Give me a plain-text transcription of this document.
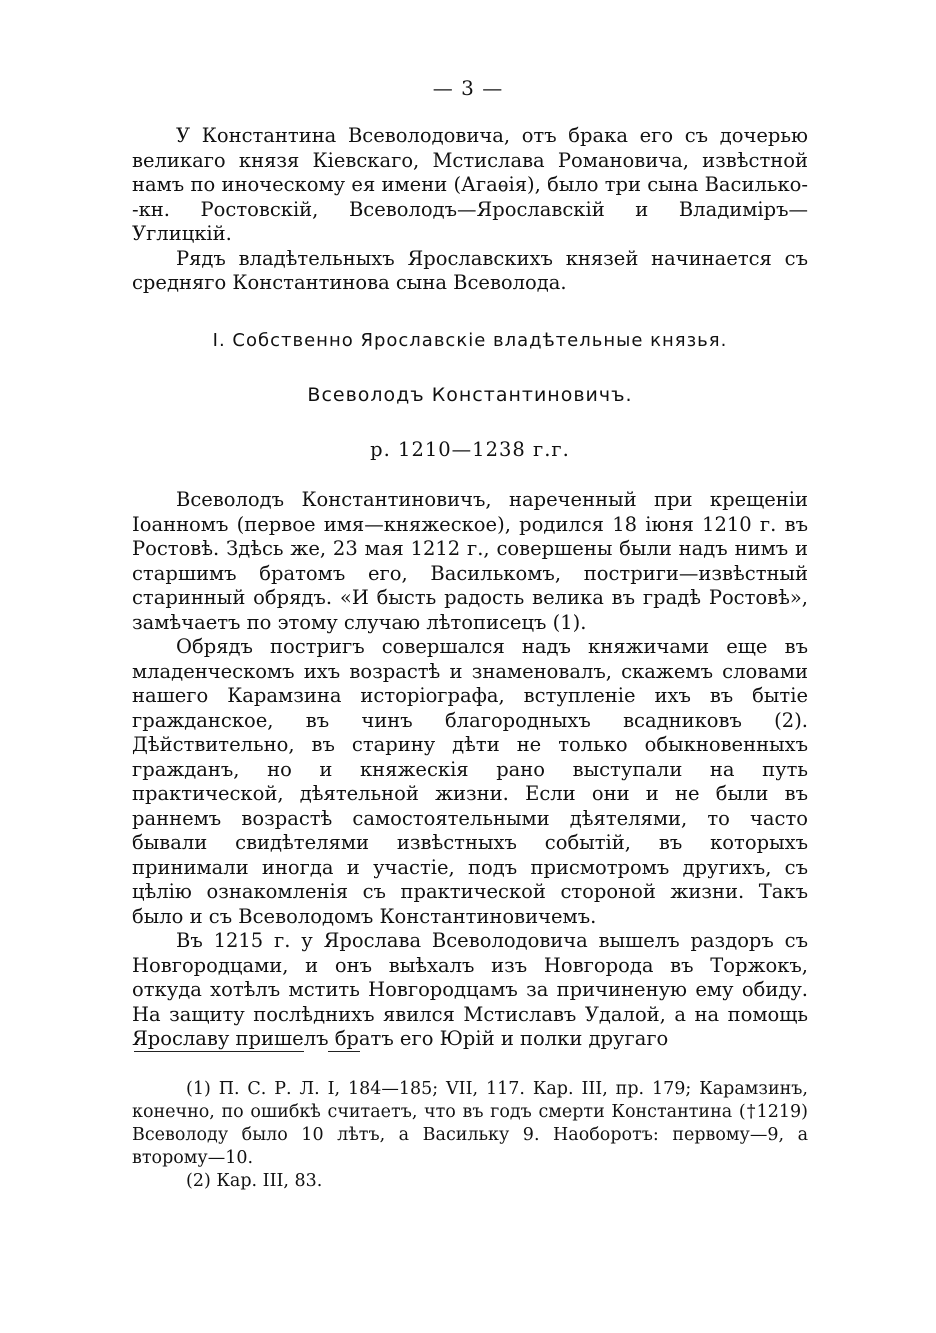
— 3 —

У Константина Всеволодовича, отъ брака его съ дочерью великаго князя Кіевскаго, Мстислава Романовича, извѣстной намъ по иноческому ея имени (Агаѳія), было три сына Василько--кн. Ростовскій, Всеволодъ—Ярославскій и Владиміръ—Углицкій.

Рядъ владѣтельныхъ Ярославскихъ князей начинается съ средняго Константинова сына Всеволода.

I. Собственно Ярославскіе владѣтельные князья.
Всеволодъ Константиновичъ.
р. 1210—1238 г.г.

Всеволодъ Константиновичъ, нареченный при крещеніи Іоанномъ (первое имя—княжеское), родился 18 іюня 1210 г. въ Ростовѣ. Здѣсь же, 23 мая 1212 г., совершены были надъ нимъ и старшимъ братомъ его, Василькомъ, постриги—извѣстный старинный обрядъ. «И бысть радость велика въ градѣ Ростовѣ», замѣчаетъ по этому случаю лѣтописецъ (1).

Обрядъ постригъ совершался надъ княжичами еще въ младенческомъ ихъ возрастѣ и знаменовалъ, скажемъ словами нашего Карамзина исторіографа, вступленіе ихъ въ бытіе гражданское, въ чинъ благородныхъ всадниковъ (2). Дѣйствительно, въ старину дѣти не только обыкновенныхъ гражданъ, но и княжескія рано выступали на путь практической, дѣятельной жизни. Если они и не были въ раннемъ возрастѣ самостоятельными дѣятелями, то часто бывали свидѣтелями извѣстныхъ событій, въ которыхъ принимали иногда и участіе, подъ присмотромъ другихъ, съ цѣлію ознакомленія съ практической стороной жизни. Такъ было и съ Всеволодомъ Константиновичемъ.

Въ 1215 г. у Ярослава Всеволодовича вышелъ раздоръ съ Новгородцами, и онъ выѣхалъ изъ Новгорода въ Торжокъ, откуда хотѣлъ мстить Новгородцамъ за причиненую ему обиду. На защиту послѣднихъ явился Мстиславъ Удалой, а на помощь Ярославу пришелъ братъ его Юрій и полки другаго

(1) П. С. Р. Л. I, 184—185; VII, 117. Кар. III, пр. 179; Карамзинъ, конечно, по ошибкѣ считаетъ, что въ годъ смерти Константина (†1219) Всеволоду было 10 лѣтъ, а Васильку 9. Наоборотъ: первому—9, а второму—10.

(2) Кар. III, 83.
